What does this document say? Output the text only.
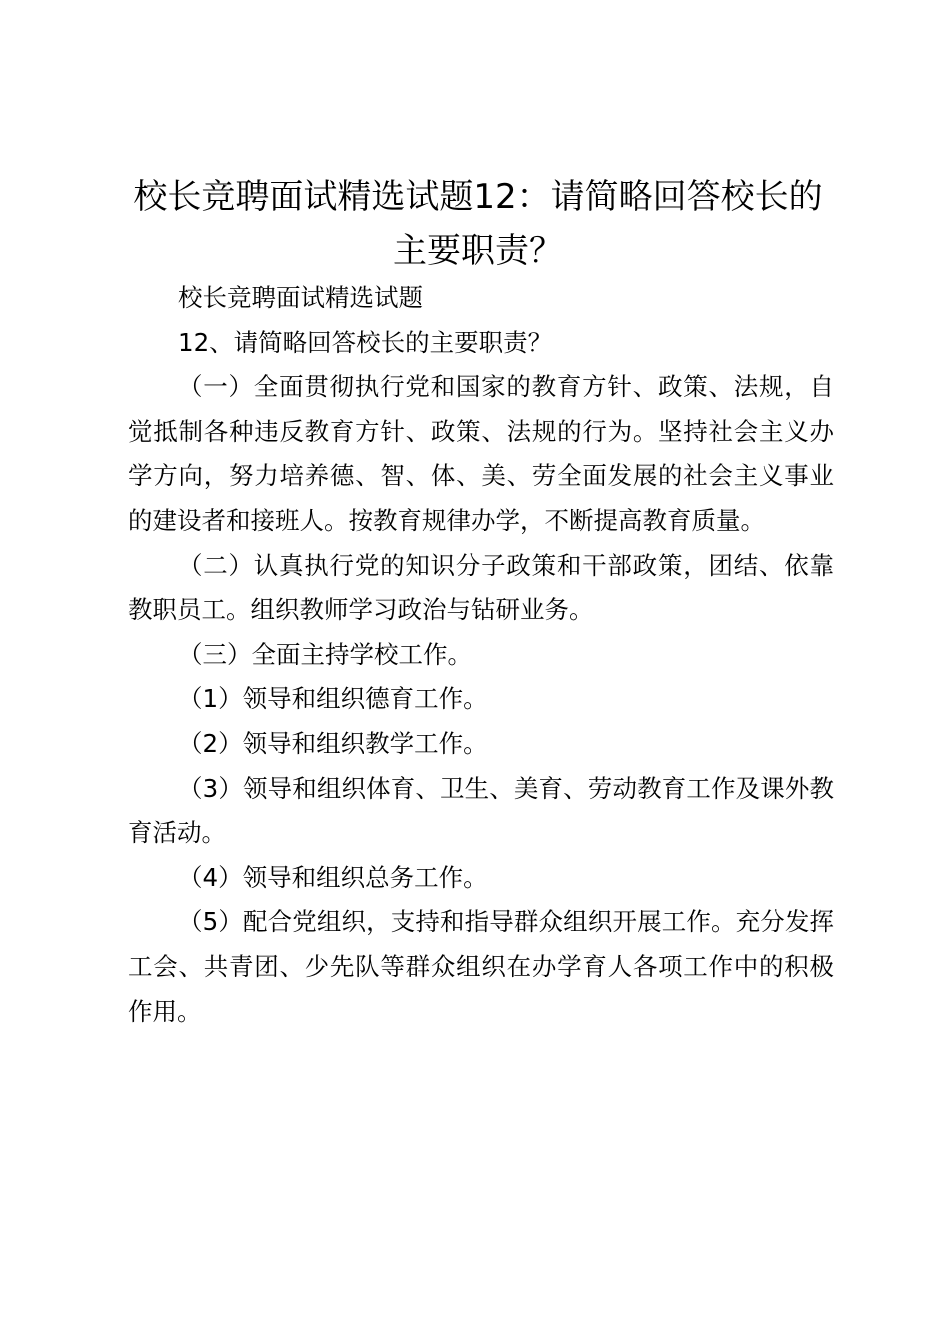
校长竞聘面试精选试题12：请简略回答校长的主要职责？

校长竞聘面试精选试题

12、请简略回答校长的主要职责？

（一）全面贯彻执行党和国家的教育方针、政策、法规，自觉抵制各种违反教育方针、政策、法规的行为。坚持社会主义办学方向，努力培养德、智、体、美、劳全面发展的社会主义事业的建设者和接班人。按教育规律办学，不断提高教育质量。

（二）认真执行党的知识分子政策和干部政策，团结、依靠教职员工。组织教师学习政治与钻研业务。

（三）全面主持学校工作。

（1）领导和组织德育工作。

（2）领导和组织教学工作。

（3）领导和组织体育、卫生、美育、劳动教育工作及课外教育活动。

（4）领导和组织总务工作。

（5）配合党组织，支持和指导群众组织开展工作。充分发挥工会、共青团、少先队等群众组织在办学育人各项工作中的积极作用。
